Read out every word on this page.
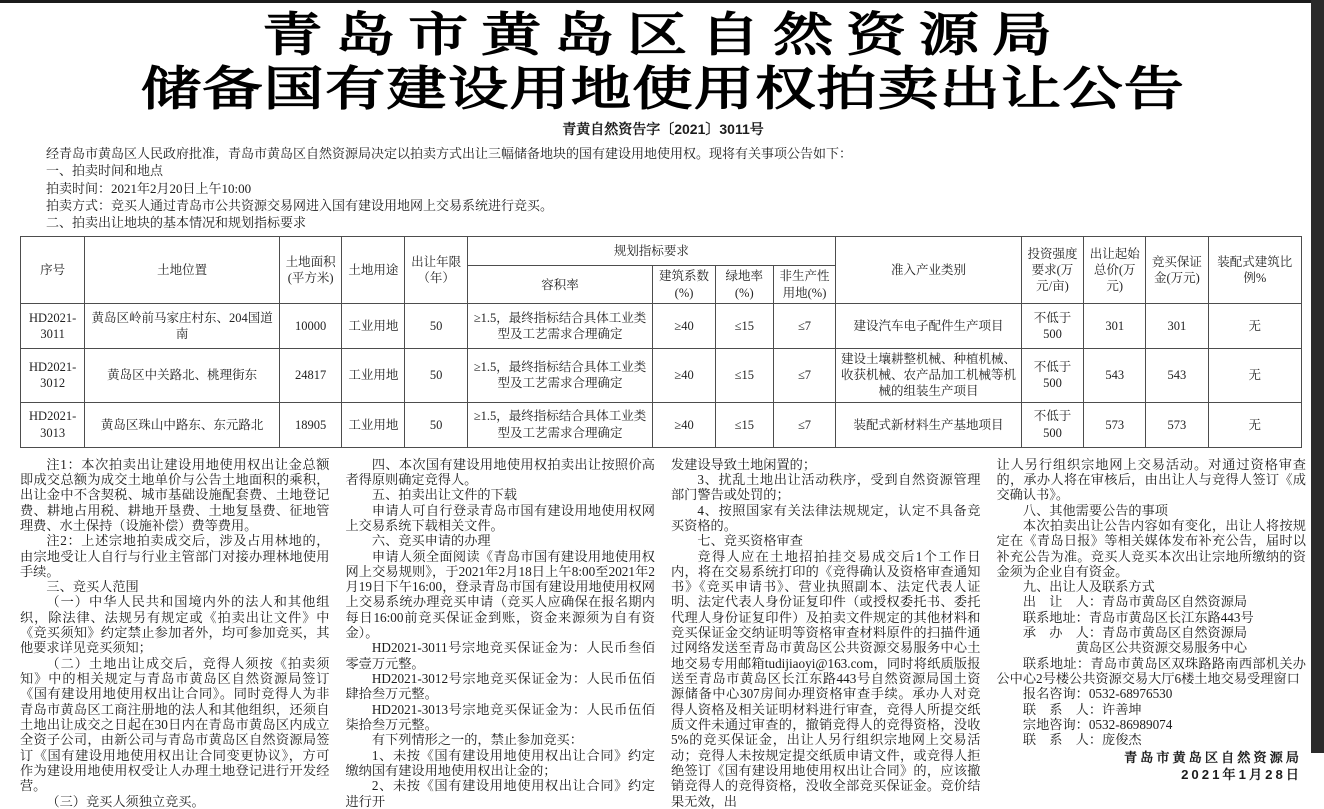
青岛市黄岛区自然资源局
储备国有建设用地使用权拍卖出让公告
青黄自然资告字〔2021〕3011号

经青岛市黄岛区人民政府批准，青岛市黄岛区自然资源局决定以拍卖方式出让三幅储备地块的国有建设用地使用权。现将有关事项公告如下：

一、拍卖时间和地点

拍卖时间：2021年2月20日上午10:00

拍卖方式：竞买人通过青岛市公共资源交易网进入国有建设用地网上交易系统进行竞买。

二、拍卖出让地块的基本情况和规划指标要求

序号	土地位置	土地面积(平方米)	土地用途	出让年限（年）	规划指标要求				准入产业类别	投资强度要求(万元/亩)	出让起始总价(万元)	竞买保证金(万元)	装配式建筑比例%
					容积率	建筑系数(%)	绿地率(%)	非生产性用地(%)					
HD2021-3011	黄岛区岭前马家庄村东、204国道南	10000	工业用地	50	≥1.5，最终指标结合具体工业类型及工艺需求合理确定	≥40	≤15	≤7	建设汽车电子配件生产项目	不低于500	301	301	无
HD2021-3012	黄岛区中关路北、桃理街东	24817	工业用地	50	≥1.5，最终指标结合具体工业类型及工艺需求合理确定	≥40	≤15	≤7	建设土壤耕整机械、种植机械、收获机械、农产品加工机械等机械的组装生产项目	不低于500	543	543	无
HD2021-3013	黄岛区珠山中路东、东元路北	18905	工业用地	50	≥1.5，最终指标结合具体工业类型及工艺需求合理确定	≥40	≤15	≤7	装配式新材料生产基地项目	不低于500	573	573	无

注1：本次拍卖出让建设用地使用权出让金总额即成交总额为成交土地单价与公告土地面积的乘积，出让金中不含契税、城市基础设施配套费、土地登记费、耕地占用税、耕地开垦费、土地复垦费、征地管理费、水土保持（设施补偿）费等费用。

注2：上述宗地拍卖成交后，涉及占用林地的，由宗地受让人自行与行业主管部门对接办理林地使用手续。

三、竞买人范围

（一）中华人民共和国境内外的法人和其他组织，除法律、法规另有规定或《拍卖出让文件》中《竞买须知》约定禁止参加者外，均可参加竞买，其他要求详见竞买须知；

（二）土地出让成交后，竞得人须按《拍卖须知》中的相关规定与青岛市黄岛区自然资源局签订《国有建设用地使用权出让合同》。同时竞得人为非青岛市黄岛区工商注册地的法人和其他组织，还须自土地出让成交之日起在30日内在青岛市黄岛区内成立全资子公司，由新公司与青岛市黄岛区自然资源局签订《国有建设用地使用权出让合同变更协议》，方可作为建设用地使用权受让人办理土地登记进行开发经营。

（三）竞买人须独立竞买。

四、本次国有建设用地使用权拍卖出让按照价高者得原则确定竞得人。

五、拍卖出让文件的下载

申请人可自行登录青岛市国有建设用地使用权网上交易系统下载相关文件。

六、竞买申请的办理

申请人须全面阅读《青岛市国有建设用地使用权网上交易规则》，于2021年2月18日上午8:00至2021年2月19日下午16:00，登录青岛市国有建设用地使用权网上交易系统办理竞买申请（竞买人应确保在报名期内每日16:00前竞买保证金到账，资金来源须为自有资金）。

HD2021-3011号宗地竞买保证金为：人民币叁佰零壹万元整。

HD2021-3012号宗地竞买保证金为：人民币伍佰肆拾叁万元整。

HD2021-3013号宗地竞买保证金为：人民币伍佰柒拾叁万元整。

有下列情形之一的，禁止参加竞买：

1、未按《国有建设用地使用权出让合同》约定缴纳国有建设用地使用权出让金的；

2、未按《国有建设用地使用权出让合同》约定进行开

发建设导致土地闲置的；

3、扰乱土地出让活动秩序，受到自然资源管理部门警告或处罚的；

4、按照国家有关法律法规规定，认定不具备竞买资格的。

七、竞买资格审查

竞得人应在土地招拍挂交易成交后1个工作日内，将在交易系统打印的《竞得确认及资格审查通知书》《竞买申请书》、营业执照副本、法定代表人证明、法定代表人身份证复印件（或授权委托书、委托代理人身份证复印件）及拍卖文件规定的其他材料和竞买保证金交纳证明等资格审查材料原件的扫描件通过网络发送至青岛市黄岛区公共资源交易服务中心土地交易专用邮箱tudijiaoyi@163.com，同时将纸质版报送至青岛市黄岛区长江东路443号自然资源局国土资源储备中心307房间办理资格审查手续。承办人对竞得人资格及相关证明材料进行审查，竞得人所提交纸质文件未通过审查的，撤销竞得人的竞得资格，没收5%的竞买保证金，出让人另行组织宗地网上交易活动；竞得人未按规定提交纸质申请文件，或竞得人拒绝签订《国有建设用地使用权出让合同》的，应该撤销竞得人的竞得资格，没收全部竞买保证金。竞价结果无效，出

让人另行组织宗地网上交易活动。对通过资格审查的，承办人将在审核后，由出让人与竞得人签订《成交确认书》。

八、其他需要公告的事项

本次拍卖出让公告内容如有变化，出让人将按规定在《青岛日报》等相关媒体发布补充公告，届时以补充公告为准。竞买人竞买本次出让宗地所缴纳的资金须为企业自有资金。

九、出让人及联系方式

出　让　人：青岛市黄岛区自然资源局

联系地址：青岛市黄岛区长江东路443号

承　办　人：青岛市黄岛区自然资源局

　　　　　　黄岛区公共资源交易服务中心

联系地址：青岛市黄岛区双珠路路南西部机关办公中心2号楼公共资源交易大厅6楼土地交易受理窗口

报名咨询：0532-68976530

联　系　人：许善坤

宗地咨询：0532-86989074

联　系　人：庞俊杰

青岛市黄岛区自然资源局

2021年1月28日
